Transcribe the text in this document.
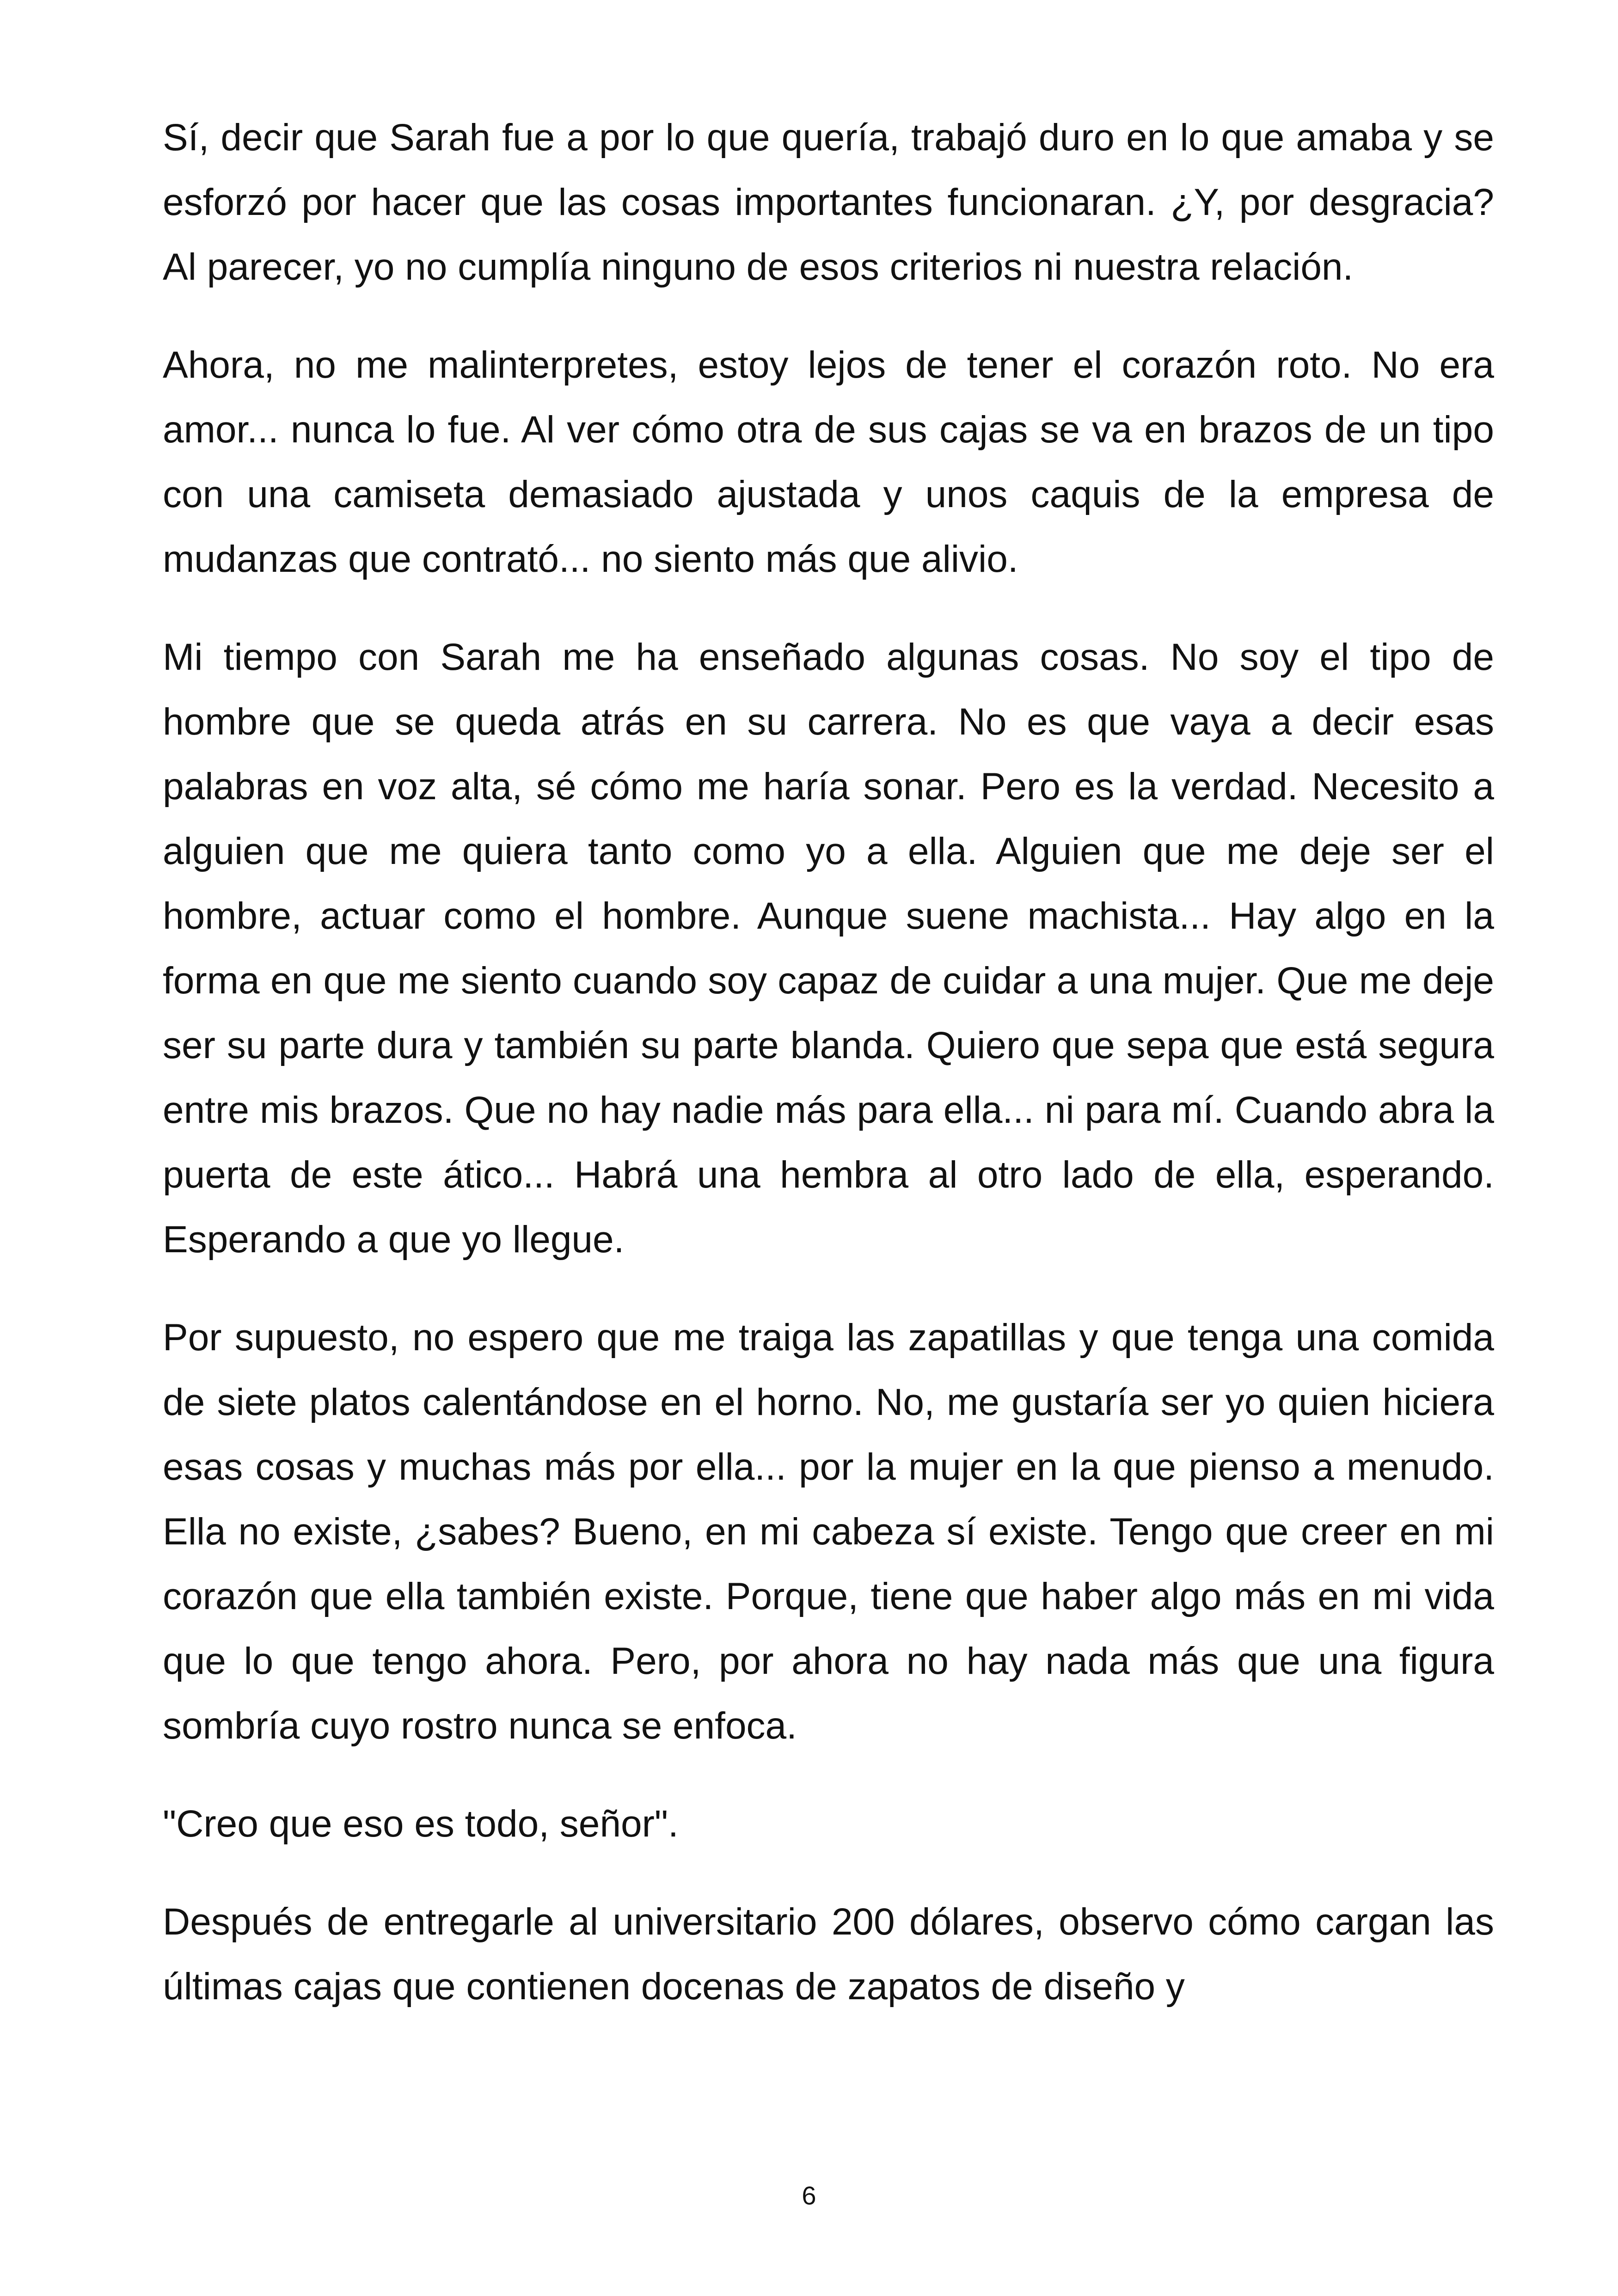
Sí, decir que Sarah fue a por lo que quería, trabajó duro en lo que amaba y se esforzó por hacer que las cosas importantes funcionaran. ¿Y, por desgracia? Al parecer, yo no cumplía ninguno de esos criterios ni nuestra relación.

Ahora, no me malinterpretes, estoy lejos de tener el corazón roto. No era amor... nunca lo fue. Al ver cómo otra de sus cajas se va en brazos de un tipo con una camiseta demasiado ajustada y unos caquis de la empresa de mudanzas que contrató... no siento más que alivio.

Mi tiempo con Sarah me ha enseñado algunas cosas. No soy el tipo de hombre que se queda atrás en su carrera. No es que vaya a decir esas palabras en voz alta, sé cómo me haría sonar. Pero es la verdad. Necesito a alguien que me quiera tanto como yo a ella. Alguien que me deje ser el hombre, actuar como el hombre. Aunque suene machista... Hay algo en la forma en que me siento cuando soy capaz de cuidar a una mujer. Que me deje ser su parte dura y también su parte blanda. Quiero que sepa que está segura entre mis brazos. Que no hay nadie más para ella... ni para mí. Cuando abra la puerta de este ático... Habrá una hembra al otro lado de ella, esperando. Esperando a que yo llegue.

Por supuesto, no espero que me traiga las zapatillas y que tenga una comida de siete platos calentándose en el horno. No, me gustaría ser yo quien hiciera esas cosas y muchas más por ella... por la mujer en la que pienso a menudo. Ella no existe, ¿sabes? Bueno, en mi cabeza sí existe. Tengo que creer en mi corazón que ella también existe. Porque, tiene que haber algo más en mi vida que lo que tengo ahora. Pero, por ahora no hay nada más que una figura sombría cuyo rostro nunca se enfoca.

"Creo que eso es todo, señor".

Después de entregarle al universitario 200 dólares, observo cómo cargan las últimas cajas que contienen docenas de zapatos de diseño y

6
